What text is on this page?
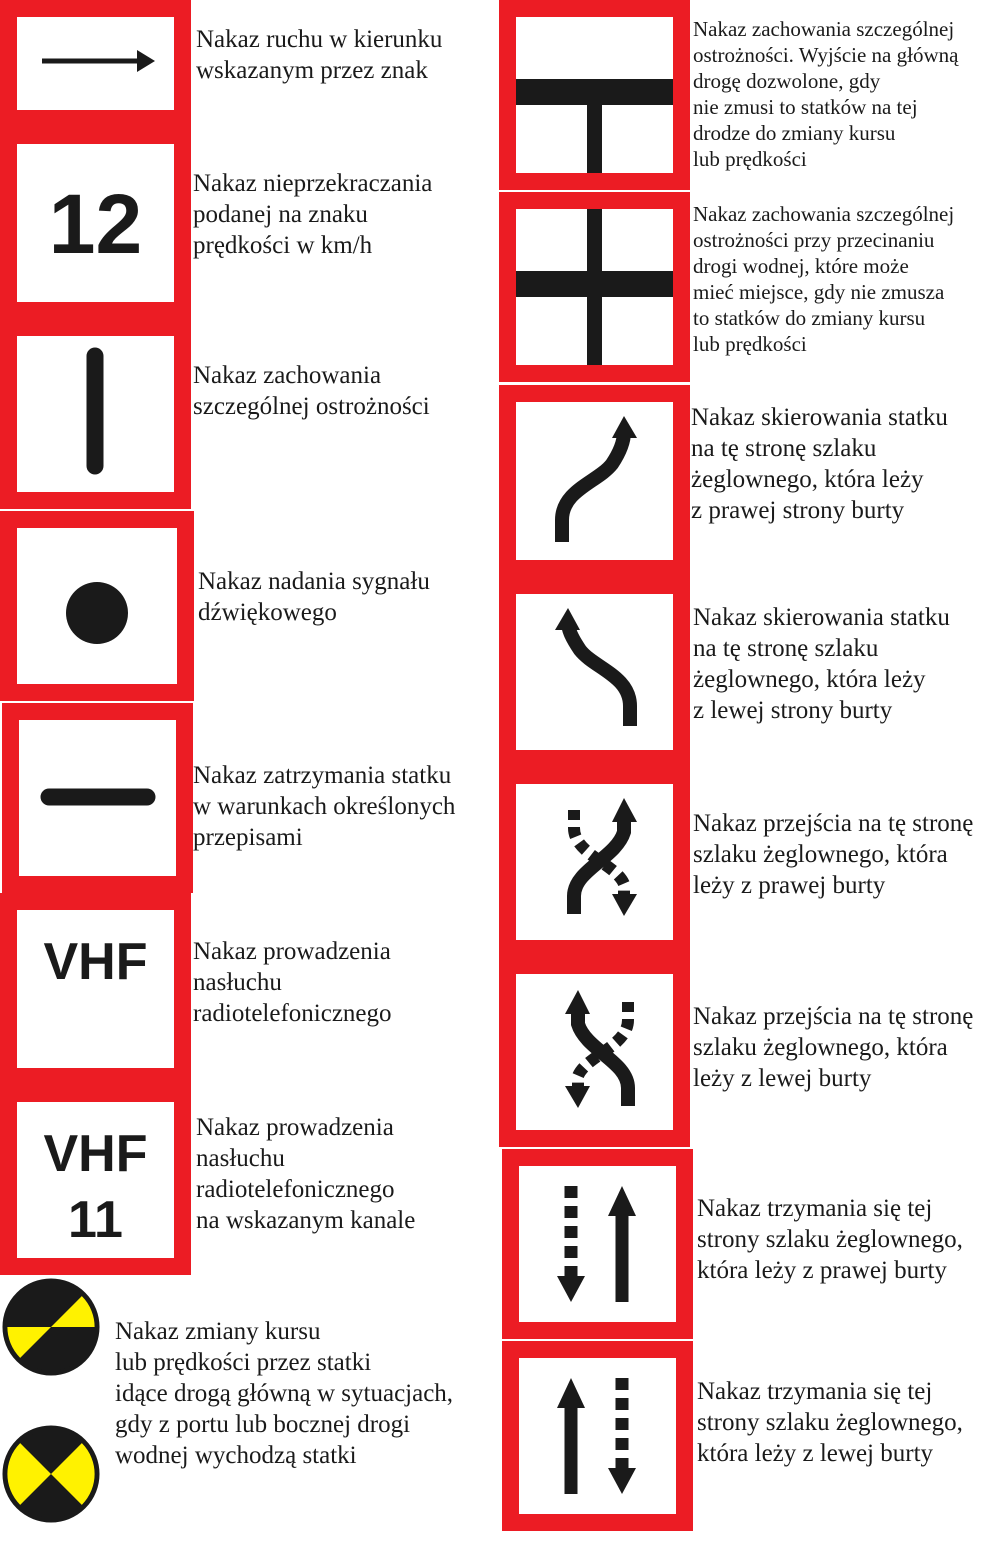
Nakaz ruchu w kierunku
wskazanym przez znak

12	Nakaz nieprzekraczania
podanej na znaku
prędkości w km/h

Nakaz zachowania
szczególnej ostrożności

Nakaz nadania sygnału
dźwiękowego

Nakaz zatrzymania statku
w warunkach określonych
przepisami

VHF	Nakaz prowadzenia
nasłuchu
radiotelefonicznego

VHF
11

Nakaz prowadzenia
nasłuchu
radiotelefonicznego
na wskazanym kanale

Nakaz zmiany kursu
lub prędkości przez statki
idące drogą główną w sytuacjach,
gdy z portu lub bocznej drogi
wodnej wychodzą statki

Nakaz zachowania szczególnej
ostrożności. Wyjście na główną
drogę dozwolone, gdy
nie zmusi to statków na tej
drodze do zmiany kursu
lub prędkości

Nakaz zachowania szczególnej
ostrożności przy przecinaniu
drogi wodnej, które może
mieć miejsce, gdy nie zmusza
to statków do zmiany kursu
lub prędkości

Nakaz skierowania statku
na tę stronę szlaku
żeglownego, która leży
z prawej strony burty

Nakaz skierowania statku
na tę stronę szlaku
żeglownego, która leży
z lewej strony burty

Nakaz przejścia na tę stronę
szlaku żeglownego, która
leży z prawej burty

Nakaz przejścia na tę stronę
szlaku żeglownego, która
leży z lewej burty

Nakaz trzymania się tej
strony szlaku żeglownego,
która leży z prawej burty

Nakaz trzymania się tej
strony szlaku żeglownego,
która leży z lewej burty
